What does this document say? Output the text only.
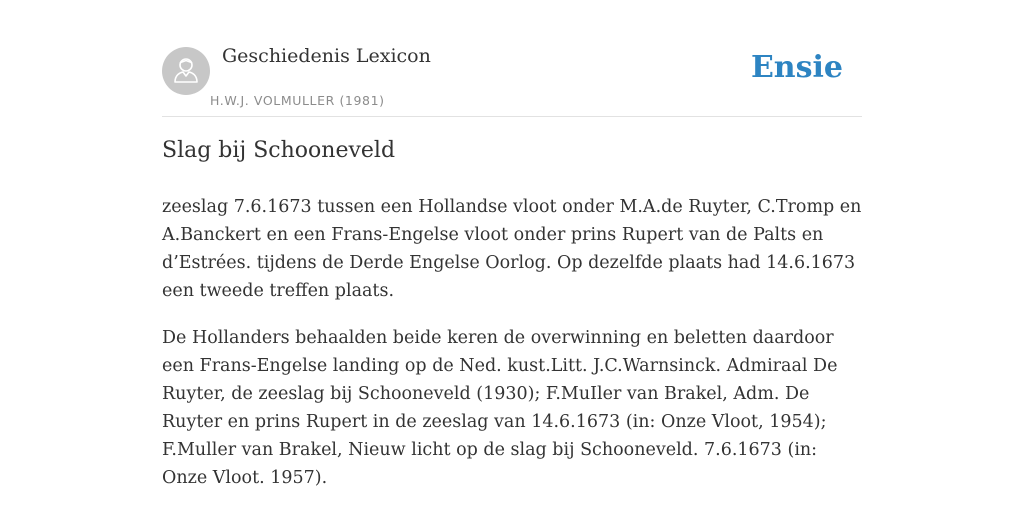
Geschiedenis Lexicon
H.W.J. VOLMULLER (1981)
Ensie
Slag bij Schooneveld

zeeslag 7.6.1673 tussen een Hollandse vloot onder M.A.de Ruyter, C.Tromp en A.Banckert en een Frans-Engelse vloot onder prins Rupert van de Palts en d’Estrées. tijdens de Derde Engelse Oorlog. Op dezelfde plaats had 14.6.1673 een tweede treffen plaats.

De Hollanders behaalden beide keren de overwinning en beletten daardoor een Frans-Engelse landing op de Ned. kust.Litt. J.C.Warnsinck. Admiraal De Ruyter, de zeeslag bij Schooneveld (1930); F.MuIler van Brakel, Adm. De Ruyter en prins Rupert in de zeeslag van 14.6.1673 (in: Onze Vloot, 1954); F.Muller van Brakel, Nieuw licht op de slag bij Schooneveld. 7.6.1673 (in: Onze Vloot. 1957).
